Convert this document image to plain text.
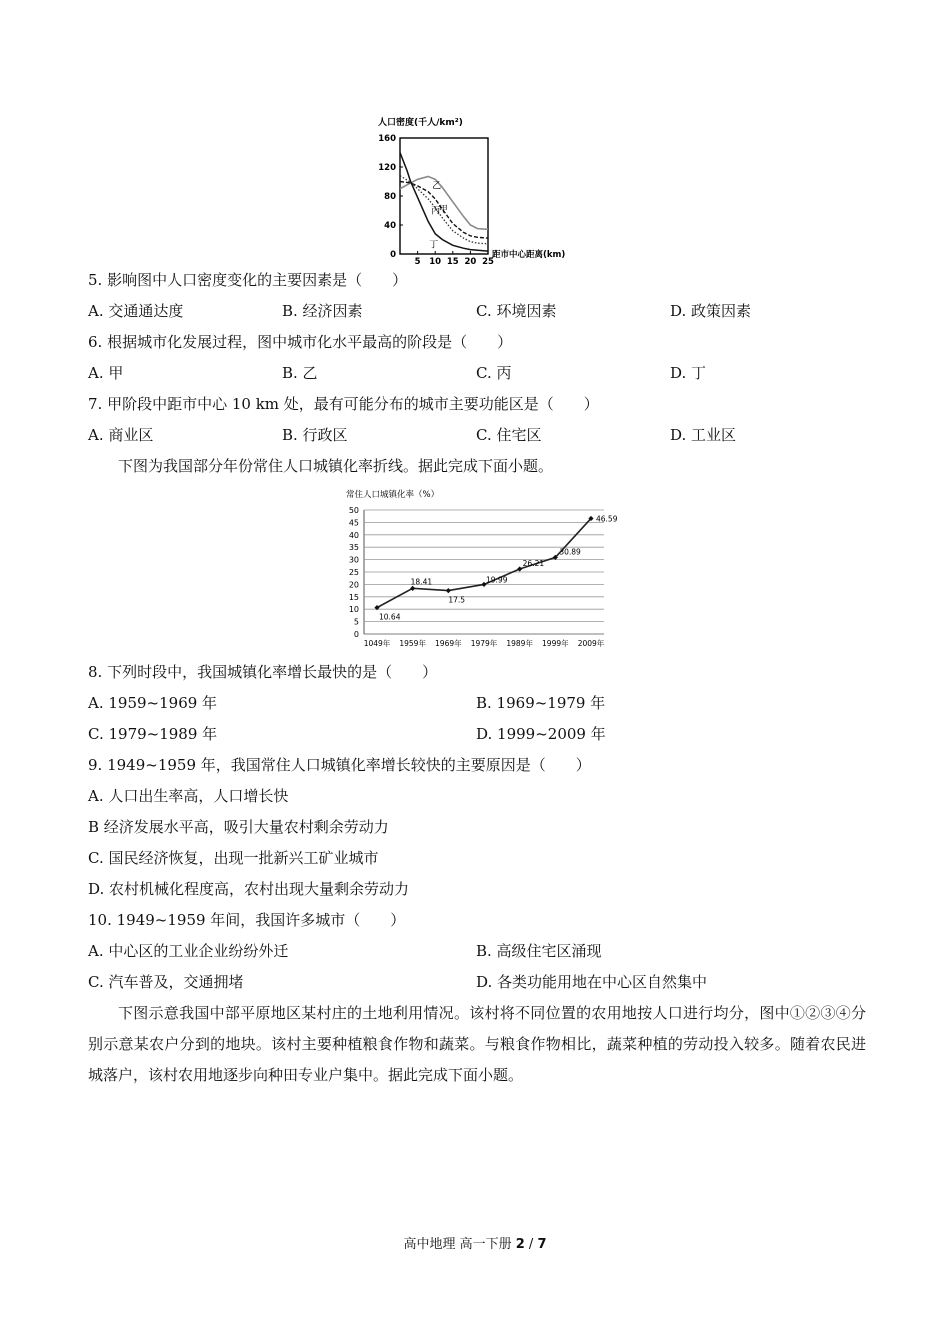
人口密度(千人/km²)
0
40
80
120
160
5 10 15 20 25
甲
乙
丙
丁
距市中心距离(km)
5. 影响图中人口密度变化的主要因素是（　　）
A. 交通通达度	B. 经济因素	C. 环境因素	D. 政策因素
6. 根据城市化发展过程，图中城市化水平最高的阶段是（　　）
A. 甲	B. 乙	C. 丙	D. 丁
7. 甲阶段中距市中心 10 km 处，最有可能分布的城市主要功能区是（　　）
A. 商业区	B. 行政区	C. 住宅区	D. 工业区
下图为我国部分年份常住人口城镇化率折线。据此完成下面小题。
常住人口城镇化率（%）
0
5
10
15
20
25
30
35
40
45
50
10.64
18.41
17.5
19.99
26.21
30.89
46.59
1049年 1959年 1969年 1979年 1989年 1999年 2009年
8. 下列时段中，我国城镇化率增长最快的是（　　）
A. 1959~1969 年	B. 1969~1979 年
C. 1979~1989 年	D. 1999~2009 年
9. 1949~1959 年，我国常住人口城镇化率增长较快的主要原因是（　　）
A. 人口出生率高，人口增长快
B 经济发展水平高，吸引大量农村剩余劳动力
C. 国民经济恢复，出现一批新兴工矿业城市
D. 农村机械化程度高，农村出现大量剩余劳动力
10. 1949~1959 年间，我国许多城市（　　）
A. 中心区的工业企业纷纷外迁	B. 高级住宅区涌现
C. 汽车普及，交通拥堵	D. 各类功能用地在中心区自然集中
下图示意我国中部平原地区某村庄的土地利用情况。该村将不同位置的农用地按人口进行均分，图中①②③④分别示意某农户分到的地块。该村主要种植粮食作物和蔬菜。与粮食作物相比，蔬菜种植的劳动投入较多。随着农民进城落户，该村农用地逐步向种田专业户集中。据此完成下面小题。
高中地理 高一下册 2 / 7
